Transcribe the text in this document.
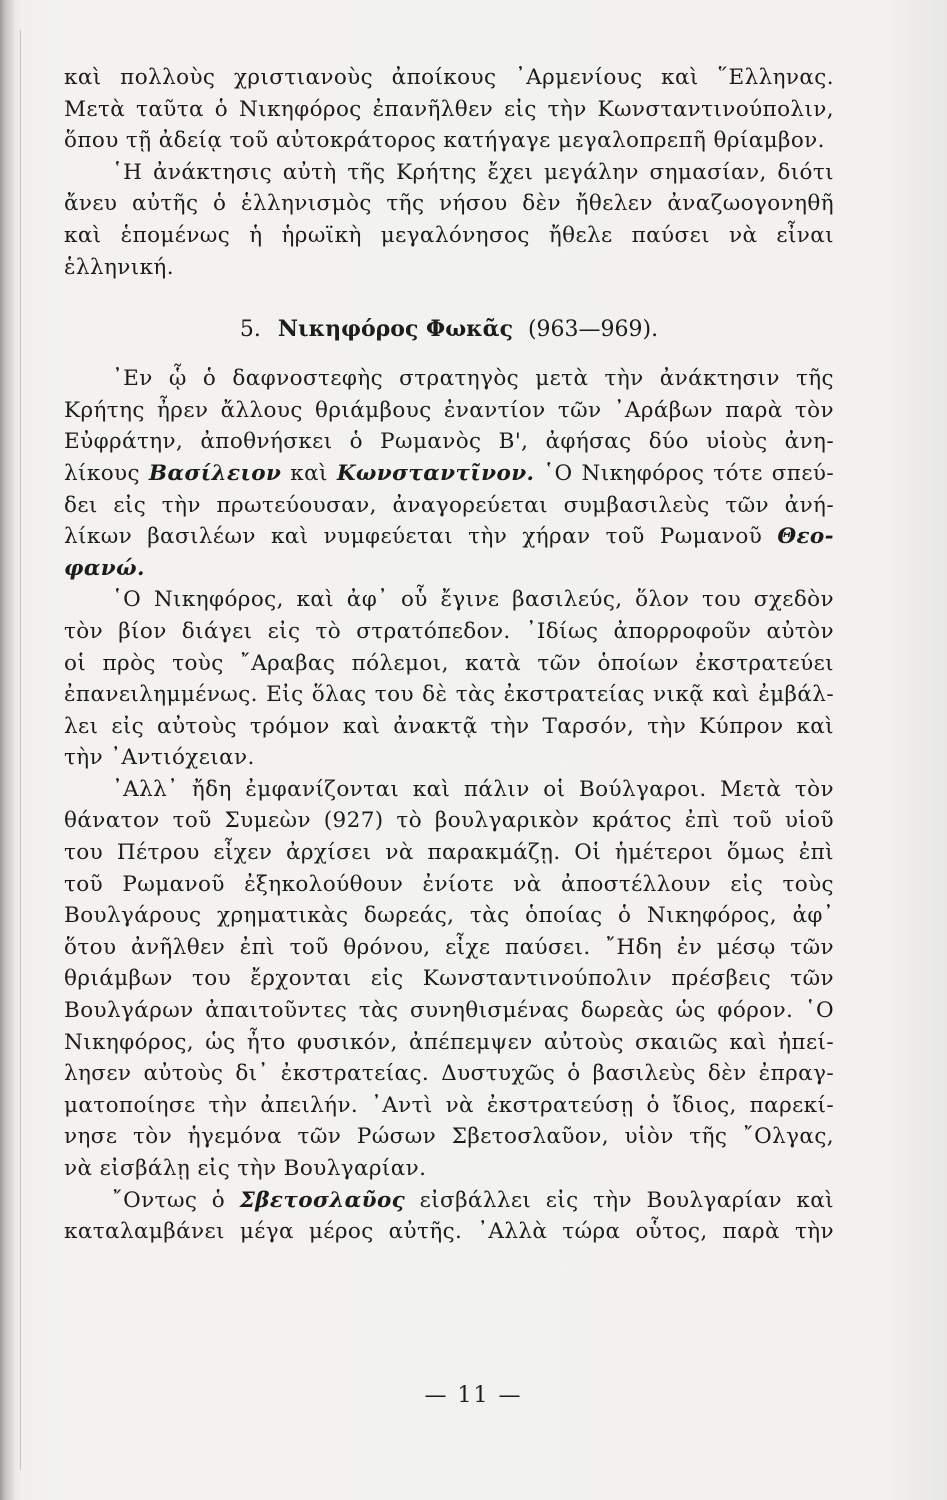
καὶ πολλοὺς χριστιανοὺς ἀποίκους ᾿Αρμενίους καὶ ῞Ελληνας.
Μετὰ ταῦτα ὁ Νικηφόρος ἐπανῆλθεν εἰς τὴν Κωνσταντινούπολιν,
ὅπου τῇ ἀδείᾳ τοῦ αὐτοκράτορος κατήγαγε μεγαλοπρεπῆ θρίαμβον.
῾Η ἀνάκτησις αὐτὴ τῆς Κρήτης ἔχει μεγάλην σημασίαν, διότι
ἄνευ αὐτῆς ὁ ἑλληνισμὸς τῆς νήσου δὲν ἤθελεν ἀναζωογονηθῆ
καὶ ἑπομένως ἡ ἡρωϊκὴ μεγαλόνησος ἤθελε παύσει νὰ εἶναι
ἑλληνική.
5. Νικηφόρος Φωκᾶς (963—969).
᾿Εν ᾧ ὁ δαφνοστεφὴς στρατηγὸς μετὰ τὴν ἀνάκτησιν τῆς
Κρήτης ἦρεν ἄλλους θριάμβους ἐναντίον τῶν ᾿Αράβων παρὰ τὸν
Εὐφράτην, ἀποθνήσκει ὁ Ρωμανὸς Β', ἀφήσας δύο υἱοὺς ἀνη-
λίκους Βασίλειον καὶ Κωνσταντῖνον. ῾Ο Νικηφόρος τότε σπεύ-
δει εἰς τὴν πρωτεύουσαν, ἀναγορεύεται συμβασιλεὺς τῶν ἀνή-
λίκων βασιλέων καὶ νυμφεύεται τὴν χήραν τοῦ Ρωμανοῦ Θεο-
φανώ.
῾Ο Νικηφόρος, καὶ ἀφ᾿ οὗ ἔγινε βασιλεύς, ὅλον του σχεδὸν
τὸν βίον διάγει εἰς τὸ στρατόπεδον. ᾿Ιδίως ἀπορροφοῦν αὐτὸν
οἱ πρὸς τοὺς ῎Αραβας πόλεμοι, κατὰ τῶν ὁποίων ἐκστρατεύει
ἐπανειλημμένως. Εἰς ὅλας του δὲ τὰς ἐκστρατείας νικᾷ καὶ ἐμβάλ-
λει εἰς αὐτοὺς τρόμον καὶ ἀνακτᾷ τὴν Ταρσόν, τὴν Κύπρον καὶ
τὴν ᾿Αντιόχειαν.
᾿Αλλ᾿ ἤδη ἐμφανίζονται καὶ πάλιν οἱ Βούλγαροι. Μετὰ τὸν
θάνατον τοῦ Συμεὼν (927) τὸ βουλγαρικὸν κράτος ἐπὶ τοῦ υἱοῦ
του Πέτρου εἶχεν ἀρχίσει νὰ παρακμάζῃ. Οἱ ἡμέτεροι ὅμως ἐπὶ
τοῦ Ρωμανοῦ ἐξηκολούθουν ἐνίοτε νὰ ἀποστέλλουν εἰς τοὺς
Βουλγάρους χρηματικὰς δωρεάς, τὰς ὁποίας ὁ Νικηφόρος, ἀφ᾿
ὅτου ἀνῆλθεν ἐπὶ τοῦ θρόνου, εἶχε παύσει. ῎Ηδη ἐν μέσῳ τῶν
θριάμβων του ἔρχονται εἰς Κωνσταντινούπολιν πρέσβεις τῶν
Βουλγάρων ἀπαιτοῦντες τὰς συνηθισμένας δωρεὰς ὡς φόρον. ῾Ο
Νικηφόρος, ὡς ἦτο φυσικόν, ἀπέπεμψεν αὐτοὺς σκαιῶς καὶ ἠπεί-
λησεν αὐτοὺς δι᾿ ἐκστρατείας. Δυστυχῶς ὁ βασιλεὺς δὲν ἐπραγ-
ματοποίησε τὴν ἀπειλήν. ᾿Αντὶ νὰ ἐκστρατεύσῃ ὁ ἴδιος, παρεκί-
νησε τὸν ἡγεμόνα τῶν Ρώσων Σβετοσλαῦον, υἱὸν τῆς ῎Ολγας,
νὰ εἰσβάλῃ εἰς τὴν Βουλγαρίαν.
῎Οντως ὁ Σβετοσλαῦος εἰσβάλλει εἰς τὴν Βουλγαρίαν καὶ
καταλαμβάνει μέγα μέρος αὐτῆς. ᾿Αλλὰ τώρα οὗτος, παρὰ τὴν
— 11 —
